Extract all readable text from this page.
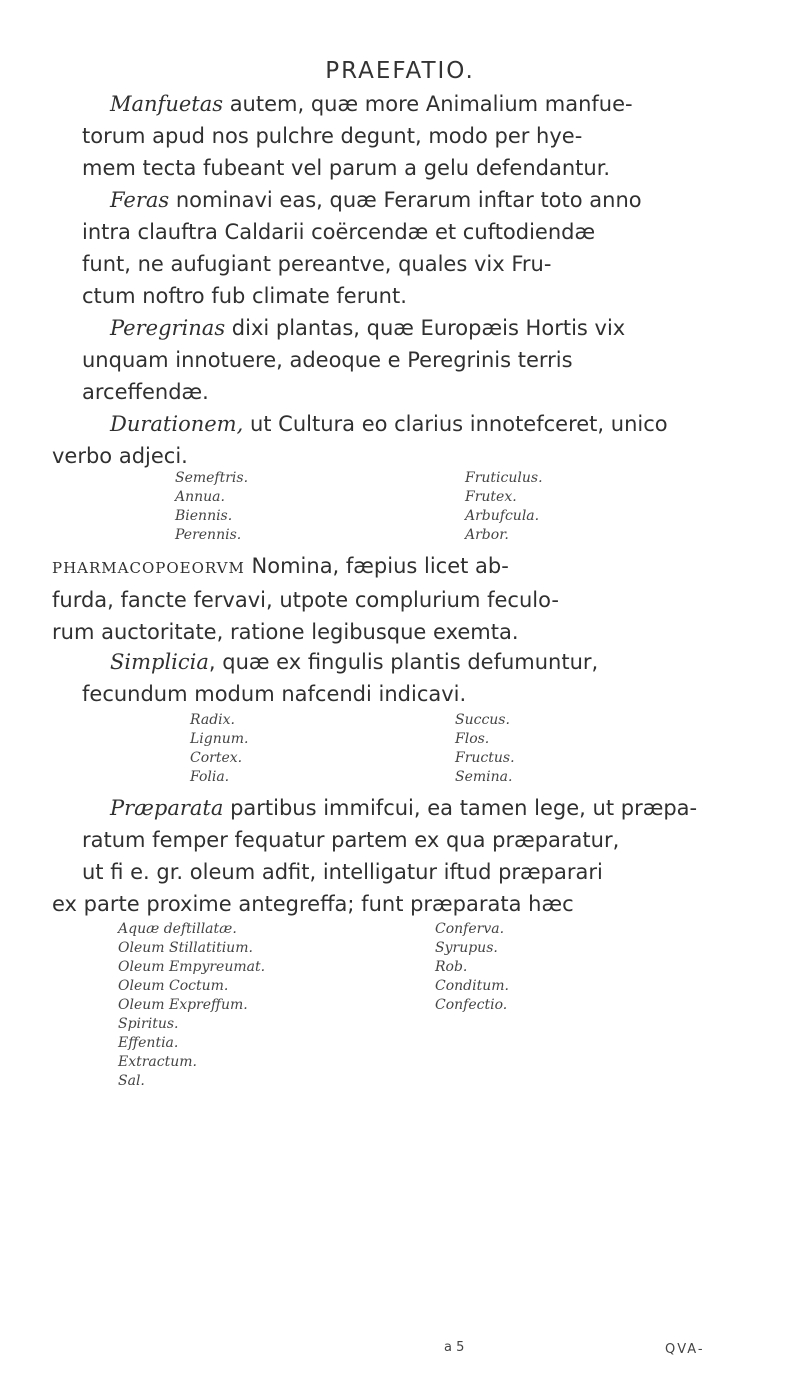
PRAEFATIO.
Manfuetas autem, quæ more Animalium manfue-
torum apud nos pulchre degunt, modo per hye-
mem tecta fubeant vel parum a gelu defendantur.
Feras nominavi eas, quæ Ferarum inftar toto anno
intra clauftra Caldarii coërcendæ et cuftodiendæ
funt, ne aufugiant pereantve, quales vix Fru-
ctum noftro fub climate ferunt.
Peregrinas dixi plantas, quæ Europæis Hortis vix
unquam innotuere, adeoque e Peregrinis terris
arceffendæ.
Durationem, ut Cultura eo clarius innotefceret, unico
verbo adjeci.
Semeftris.
Annua.
Biennis.
Perennis.
Fruticulus.
Frutex.
Arbufcula.
Arbor.
PHARMACOPOEORVM Nomina, fæpius licet ab-
furda, fancte fervavi, utpote complurium feculo-
rum auctoritate, ratione legibusque exemta.
Simplicia, quæ ex fingulis plantis defumuntur,
fecundum modum nafcendi indicavi.
Radix.
Lignum.
Cortex.
Folia.
Succus.
Flos.
Fructus.
Semina.
Præparata partibus immifcui, ea tamen lege, ut præpa-
ratum femper fequatur partem ex qua præparatur,
ut fi e. gr. oleum adfit, intelligatur iftud præparari
ex parte proxime antegreffa; funt præparata hæc
Aquæ deftillatæ.
Oleum Stillatitium.
Oleum Empyreumat.
Oleum Coctum.
Oleum Expreffum.
Spiritus.
Effentia.
Extractum.
Sal.
Conferva.
Syrupus.
Rob.
Conditum.
Confectio.
a 5	QVA-
